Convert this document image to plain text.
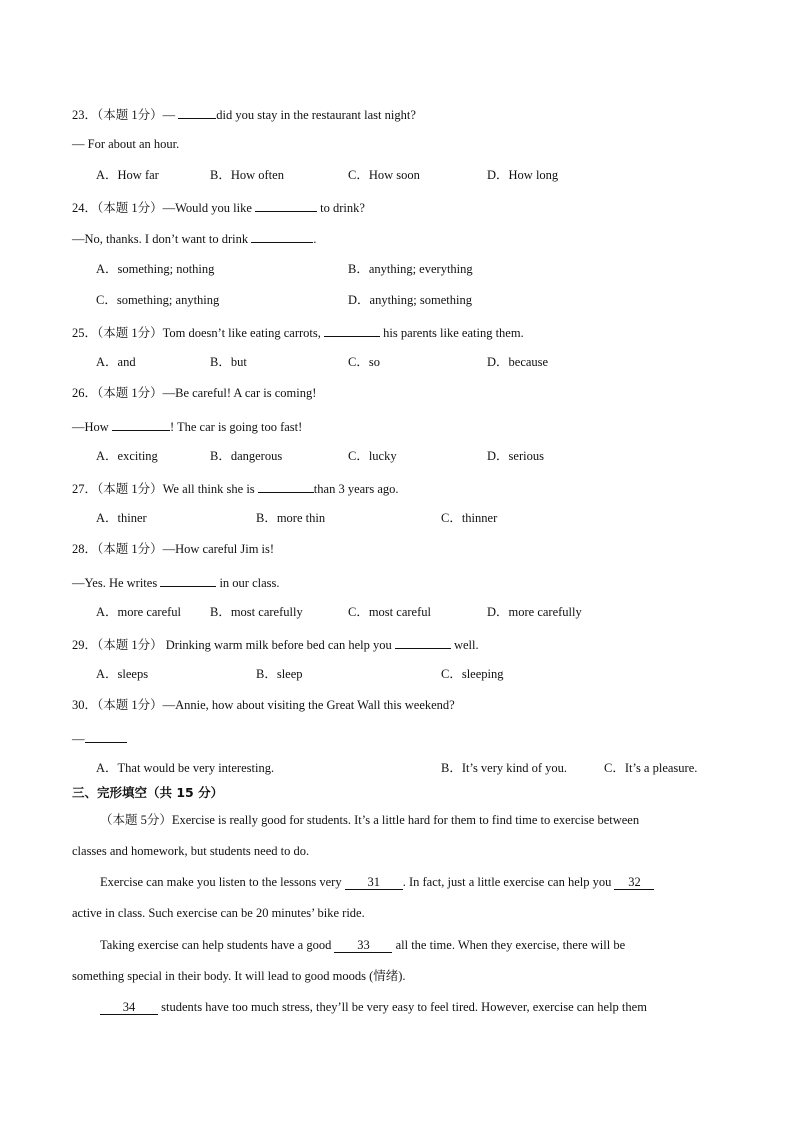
23．（本题 1分）—	did you stay in the restaurant last night?
— For about an hour.
A．How far	B．How often	C．How soon	D．How long
24．（本题 1分）—Would you like	to drink?
—No, thanks. I don’t want to drink	.
A．something; nothing	B．anything; everything
C．something; anything	D．anything; something
25．（本题 1分）Tom doesn’t like eating carrots,	his parents like eating them.
A．and	B．but	C．so	D．because
26．（本题 1分）—Be careful! A car is coming!
—How	! The car is going too fast!
A．exciting	B．dangerous	C．lucky	D．serious
27．（本题 1分）We all think she is	than 3 years ago.
A．thiner	B．more thin	C．thinner
28．（本题 1分）—How careful Jim is!
—Yes. He writes	in our class.
A．more careful B．most carefully	C．most careful	D．more carefully
29．（本题 1分） Drinking warm milk before bed can help you	well.
A．sleeps	B．sleep	C．sleeping
30．（本题 1分）—Annie, how about visiting the Great Wall this weekend?
—
A．That would be very interesting.	B．It’s very kind of you.	C．It’s a pleasure.
三、完形填空（共 15 分）
（本题 5分）Exercise is really good for students. It’s a little hard for them to find time to exercise between
classes and homework, but students need to do.
Exercise can make you listen to the lessons very 31 . In fact, just a little exercise can help you 32
active in class. Such exercise can be 20 minutes’ bike ride.
Taking exercise can help students have a good 33 all the time. When they exercise, there will be
something special in their body. It will lead to good moods (情绪).
34 students have too much stress, they’ll be very easy to feel tired. However, exercise can help them
